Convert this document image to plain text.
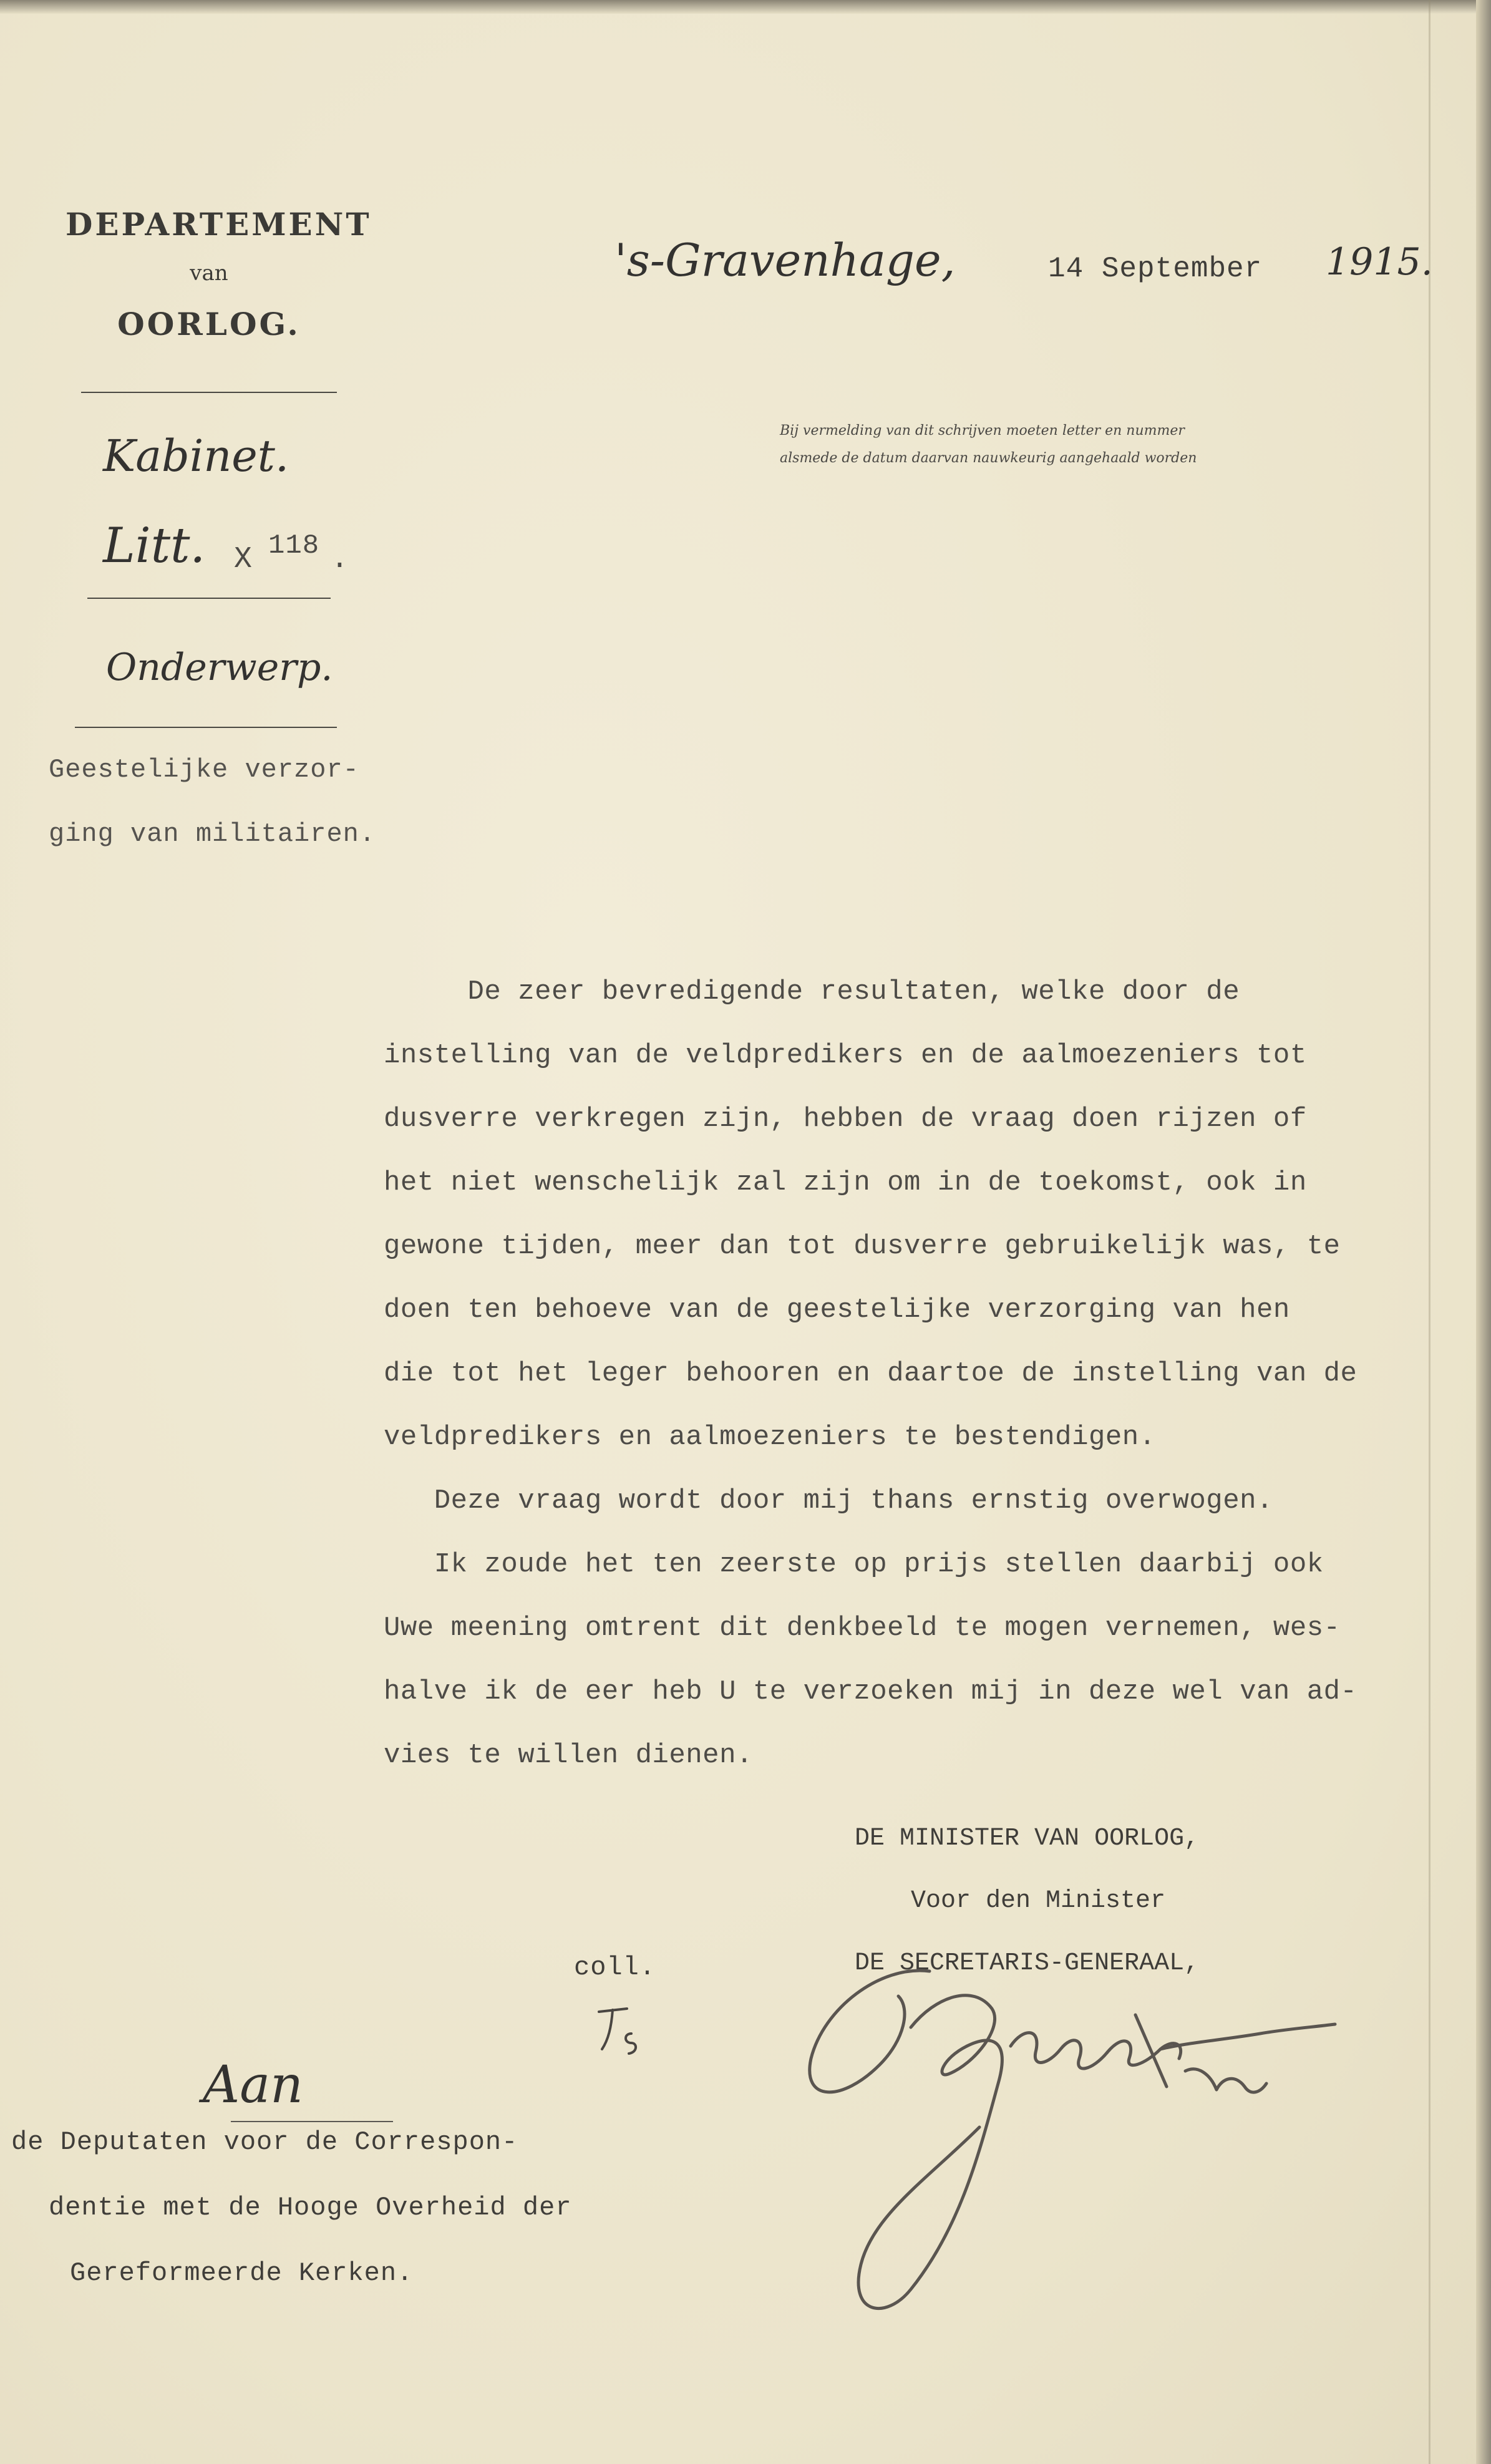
DEPARTEMENT
van
OORLOG.
Kabinet.
Litt. X 118 .
Onderwerp.
Geestelijke verzor-
ging van militairen.
's-Gravenhage,	14 September 1915.
Bij vermelding van dit schrijven moeten letter en nummer
alsmede de datum daarvan nauwkeurig aangehaald worden
De zeer bevredigende resultaten, welke door de
instelling van de veldpredikers en de aalmoezeniers tot
dusverre verkregen zijn, hebben de vraag doen rijzen of
het niet wenschelijk zal zijn om in de toekomst, ook in
gewone tijden, meer dan tot dusverre gebruikelijk was, te
doen ten behoeve van de geestelijke verzorging van hen
die tot het leger behooren en daartoe de instelling van de
veldpredikers en aalmoezeniers te bestendigen.
Deze vraag wordt door mij thans ernstig overwogen.
Ik zoude het ten zeerste op prijs stellen daarbij ook
Uwe meening omtrent dit denkbeeld te mogen vernemen, wes-
halve ik de eer heb U te verzoeken mij in deze wel van ad-
vies te willen dienen.
DE MINISTER VAN OORLOG,
Voor den Minister
DE SECRETARIS-GENERAAL,
coll.
Aan
de Deputaten voor de Correspon-
dentie met de Hooge Overheid der
Gereformeerde Kerken.
